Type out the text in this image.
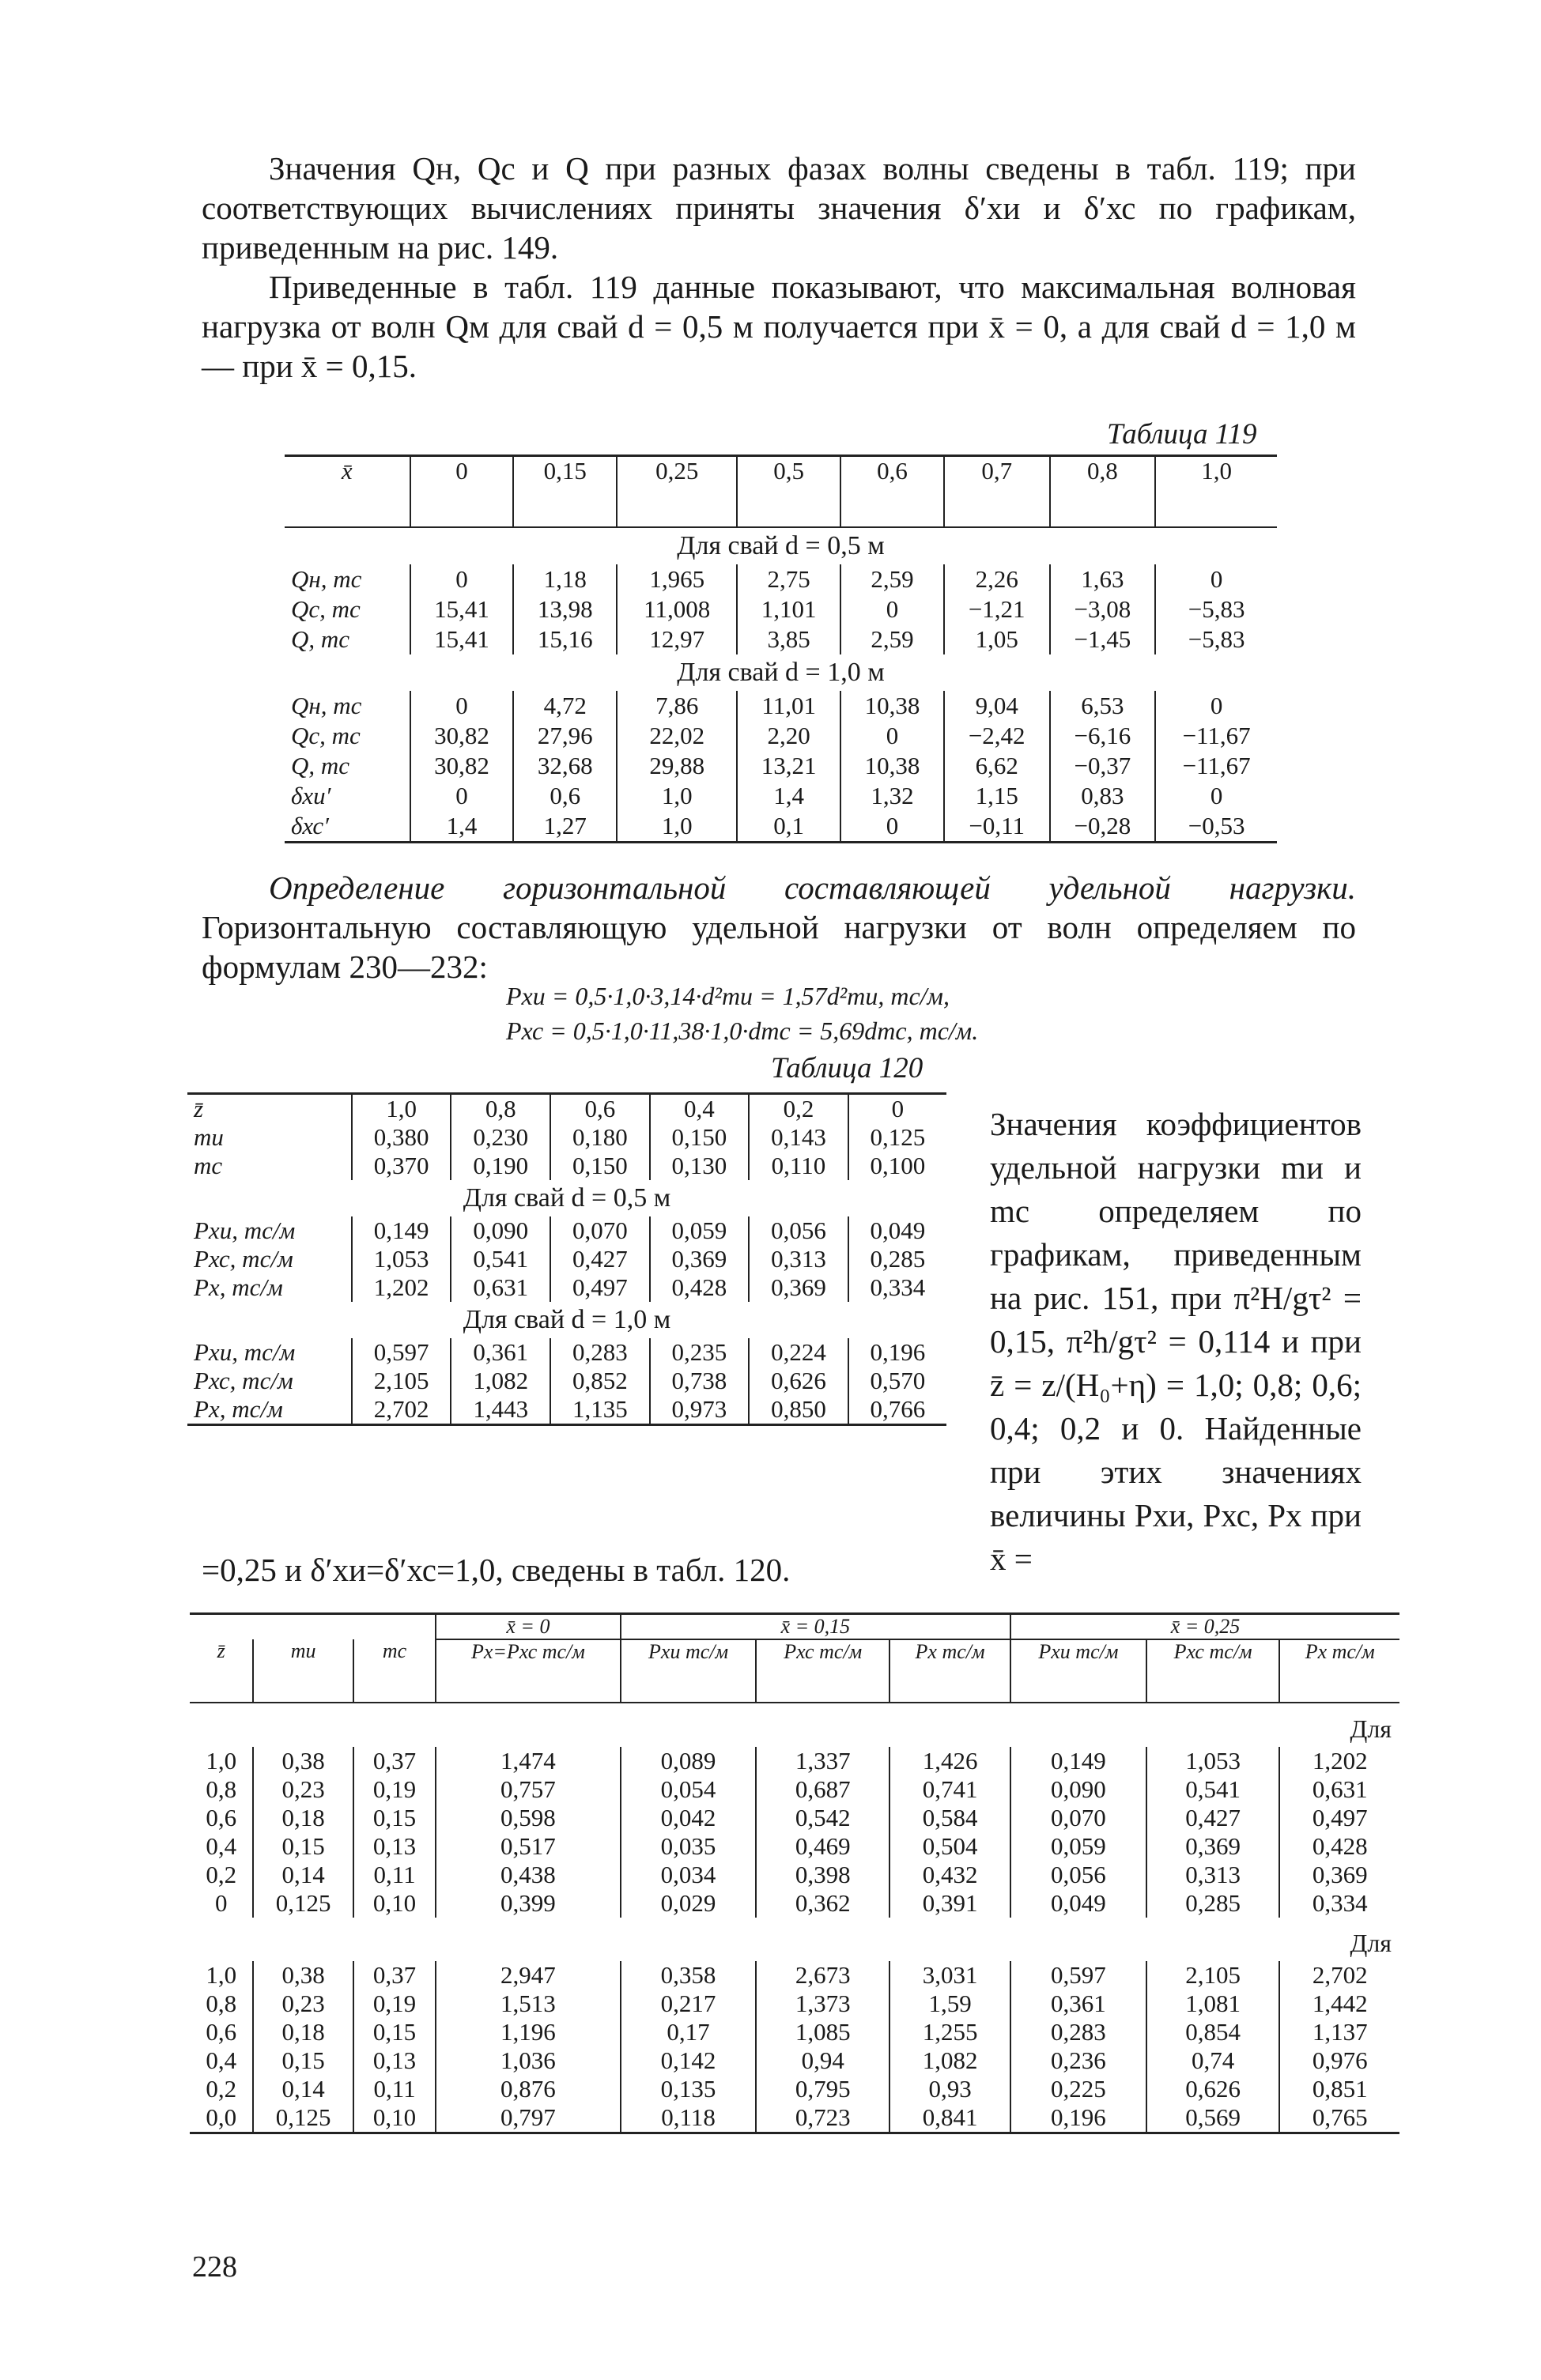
Значения Qн, Qс и Q при разных фазах волны сведены в табл. 119; при соответствующих вычислениях приняты значения δ′хи и δ′хс по графикам, приведенным на рис. 149.

Приведенные в табл. 119 данные показывают, что максимальная волновая нагрузка от волн Qм для свай d = 0,5 м получается при x̄ = 0, а для свай d = 1,0 м — при x̄ = 0,15.

Таблица 119
x̄	0	0,15	0,25	0,5	0,6	0,7	0,8	1,0
Для свай d = 0,5 м								
Qн, тс	0	1,18	1,965	2,75	2,59	2,26	1,63	0
Qс, тс	15,41	13,98	11,008	1,101	0	−1,21	−3,08	−5,83
Q, тс	15,41	15,16	12,97	3,85	2,59	1,05	−1,45	−5,83
Для свай d = 1,0 м								
Qн, тс	0	4,72	7,86	11,01	10,38	9,04	6,53	0
Qс, тс	30,82	27,96	22,02	2,20	0	−2,42	−6,16	−11,67
Q, тс	30,82	32,68	29,88	13,21	10,38	6,62	−0,37	−11,67
δхи′	0	0,6	1,0	1,4	1,32	1,15	0,83	0
δхс′	1,4	1,27	1,0	0,1	0	−0,11	−0,28	−0,53

Определение горизонтальной составляющей удельной нагрузки. Горизонтальную составляющую удельной нагрузки от волн определяем по формулам 230—232:

Pхи = 0,5·1,0·3,14·d²mи = 1,57d²mи, тс/м,
Pхс = 0,5·1,0·11,38·1,0·dmс = 5,69dmс, тс/м.
Таблица 120
z̄	1,0	0,8	0,6	0,4	0,2	0
mи	0,380	0,230	0,180	0,150	0,143	0,125
mс	0,370	0,190	0,150	0,130	0,110	0,100
Для свай d = 0,5 м						
Pхи, тс/м	0,149	0,090	0,070	0,059	0,056	0,049
Pхс, тс/м	1,053	0,541	0,427	0,369	0,313	0,285
Pх, тс/м	1,202	0,631	0,497	0,428	0,369	0,334
Для свай d = 1,0 м						
Pхи, тс/м	0,597	0,361	0,283	0,235	0,224	0,196
Pхс, тс/м	2,105	1,082	0,852	0,738	0,626	0,570
Pх, тс/м	2,702	1,443	1,135	0,973	0,850	0,766
=0,25 и δ′хи=δ′хс=1,0, сведены в табл. 120.
Значения коэффициентов удельной нагрузки mи и mс определяем по графикам, приведенным на рис. 151, при π²H/gτ² = 0,15, π²h/gτ² = 0,114 и при z̄ = z/(H₀+η) = 1,0; 0,8; 0,6; 0,4; 0,2 и 0. Найденные при этих значениях величины Pхи, Pхс, Pх при x̄ =
			x̄ = 0	x̄ = 0,15			x̄ = 0,25		
z̄	mи	mс	Pх=Pхс тс/м	Pхи тс/м	Pхс тс/м	Pх тс/м	Pхи тс/м	Pхс тс/м	Pх тс/м
Для									
1,0	0,38	0,37	1,474	0,089	1,337	1,426	0,149	1,053	1,202
0,8	0,23	0,19	0,757	0,054	0,687	0,741	0,090	0,541	0,631
0,6	0,18	0,15	0,598	0,042	0,542	0,584	0,070	0,427	0,497
0,4	0,15	0,13	0,517	0,035	0,469	0,504	0,059	0,369	0,428
0,2	0,14	0,11	0,438	0,034	0,398	0,432	0,056	0,313	0,369
0	0,125	0,10	0,399	0,029	0,362	0,391	0,049	0,285	0,334
Для									
1,0	0,38	0,37	2,947	0,358	2,673	3,031	0,597	2,105	2,702
0,8	0,23	0,19	1,513	0,217	1,373	1,59	0,361	1,081	1,442
0,6	0,18	0,15	1,196	0,17	1,085	1,255	0,283	0,854	1,137
0,4	0,15	0,13	1,036	0,142	0,94	1,082	0,236	0,74	0,976
0,2	0,14	0,11	0,876	0,135	0,795	0,93	0,225	0,626	0,851
0,0	0,125	0,10	0,797	0,118	0,723	0,841	0,196	0,569	0,765
228
